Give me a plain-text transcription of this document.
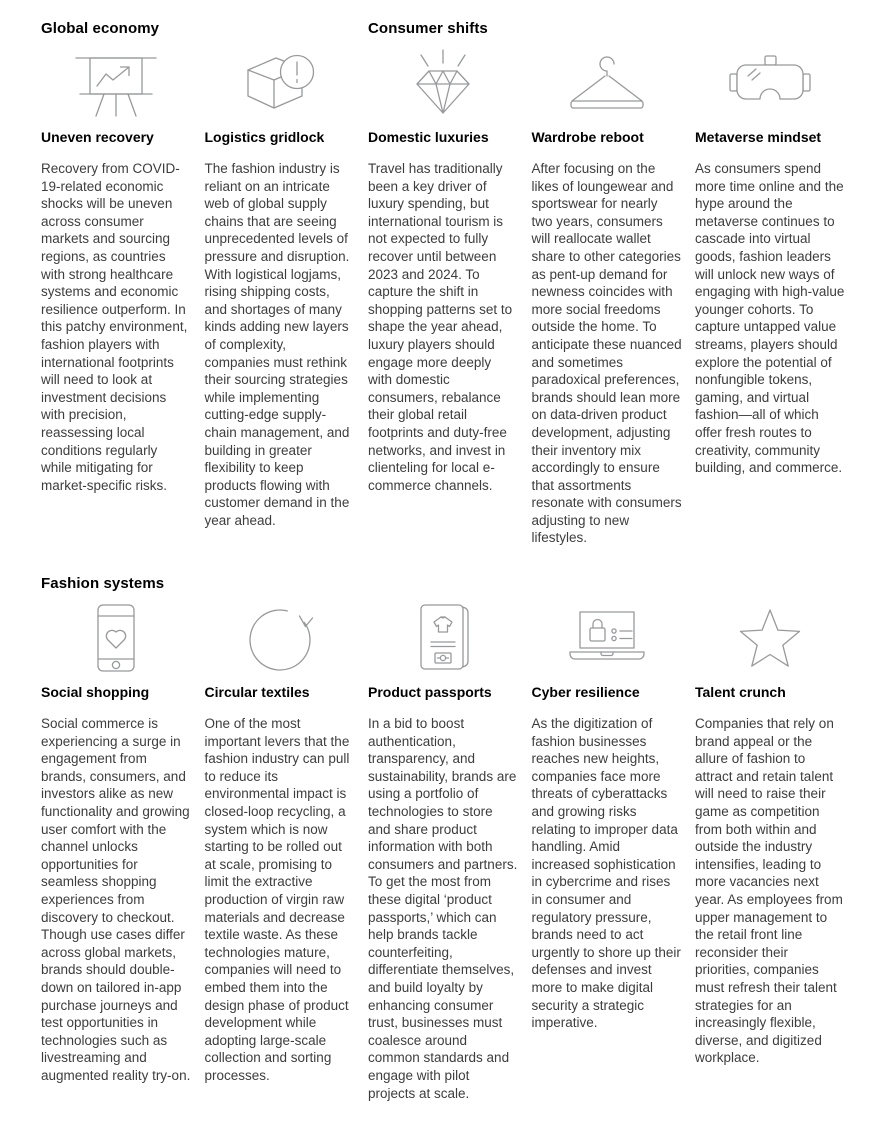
Global economy	Consumer shifts
Uneven recovery
Recovery from COVID-19-related economic shocks will be uneven across consumer markets and sourcing regions, as countries with strong healthcare systems and economic resilience outperform. In this patchy environment, fashion players with international footprints will need to look at investment decisions with precision, reassessing local conditions regularly while mitigating for market-specific risks.
Logistics gridlock
The fashion industry is reliant on an intricate web of global supply chains that are seeing unprecedented levels of pressure and disruption. With logistical logjams, rising shipping costs, and shortages of many kinds adding new layers of complexity, companies must rethink their sourcing strategies while implementing cutting-edge supply-chain management, and building in greater flexibility to keep products flowing with customer demand in the year ahead.
Domestic luxuries
Travel has traditionally been a key driver of luxury spending, but international tourism is not expected to fully recover until between 2023 and 2024. To capture the shift in shopping patterns set to shape the year ahead, luxury players should engage more deeply with domestic consumers, rebalance their global retail footprints and duty-free networks, and invest in clienteling for local e-commerce channels.
Wardrobe reboot
After focusing on the likes of loungewear and sportswear for nearly two years, consumers will reallocate wallet share to other categories as pent-up demand for newness coincides with more social freedoms outside the home. To anticipate these nuanced and sometimes paradoxical preferences, brands should lean more on data-driven product development, adjusting their inventory mix accordingly to ensure that assortments resonate with consumers adjusting to new lifestyles.
Metaverse mindset
As consumers spend more time online and the hype around the metaverse continues to cascade into virtual goods, fashion leaders will unlock new ways of engaging with high-value younger cohorts. To capture untapped value streams, players should explore the potential of nonfungible tokens, gaming, and virtual fashion—all of which offer fresh routes to creativity, community building, and commerce.
Fashion systems
Social shopping
Social commerce is experiencing a surge in engagement from brands, consumers, and investors alike as new functionality and growing user comfort with the channel unlocks opportunities for seamless shopping experiences from discovery to checkout. Though use cases differ across global markets, brands should double-down on tailored in-app purchase journeys and test opportunities in technologies such as livestreaming and augmented reality try-on.
Circular textiles
One of the most important levers that the fashion industry can pull to reduce its environmental impact is closed-loop recycling, a system which is now starting to be rolled out at scale, promising to limit the extractive production of virgin raw materials and decrease textile waste. As these technologies mature, companies will need to embed them into the design phase of product development while adopting large-scale collection and sorting processes.
Product passports
In a bid to boost authentication, transparency, and sustainability, brands are using a portfolio of technologies to store and share product information with both consumers and partners. To get the most from these digital ‘product passports,’ which can help brands tackle counterfeiting, differentiate themselves, and build loyalty by enhancing consumer trust, businesses must coalesce around common standards and engage with pilot projects at scale.
Cyber resilience
As the digitization of fashion businesses reaches new heights, companies face more threats of cyberattacks and growing risks relating to improper data handling. Amid increased sophistication in cybercrime and rises in consumer and regulatory pressure, brands need to act urgently to shore up their defenses and invest more to make digital security a strategic imperative.
Talent crunch
Companies that rely on brand appeal or the allure of fashion to attract and retain talent will need to raise their game as competition from both within and outside the industry intensifies, leading to more vacancies next year. As employees from upper management to the retail front line reconsider their priorities, companies must refresh their talent strategies for an increasingly flexible, diverse, and digitized workplace.
